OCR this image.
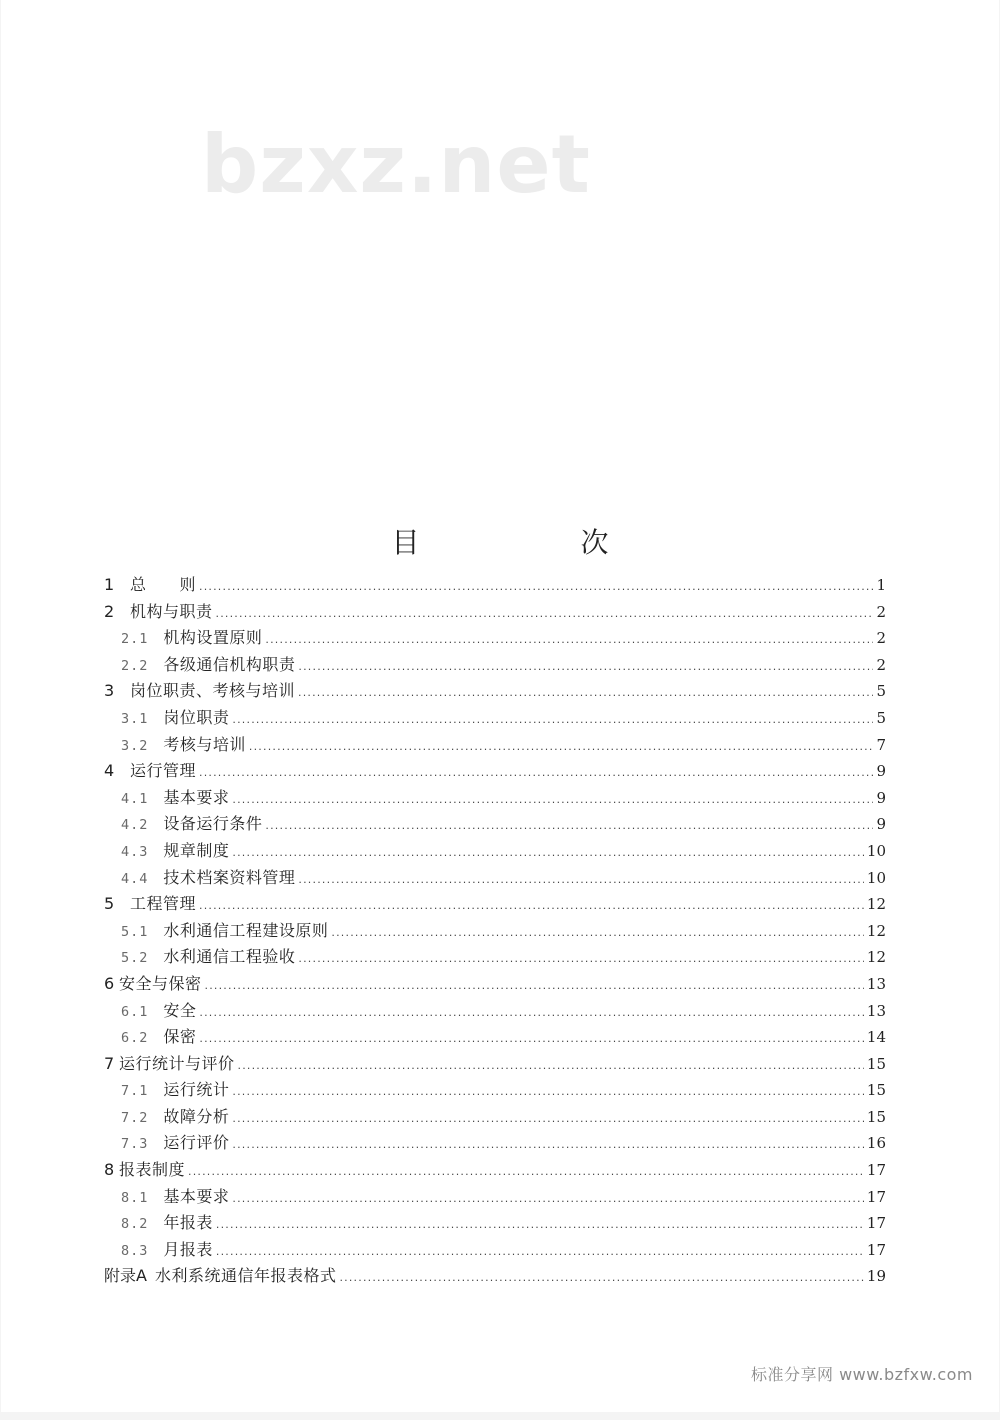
bzxz.net
目 次
1 总　　则 .....	1
2 机构与职责 .....	2
2.1 机构设置原则 .....	2
2.2 各级通信机构职责 .....	2
3 岗位职责、考核与培训 .....	5
3.1 岗位职责 .....	5
3.2 考核与培训 .....	7
4 运行管理 .....	9
4.1 基本要求 .....	9
4.2 设备运行条件 .....	9
4.3 规章制度 .....	10
4.4 技术档案资料管理 .....	10
5 工程管理 .....	12
5.1 水利通信工程建设原则 .....	12
5.2 水利通信工程验收 .....	12
6 安全与保密 .....	13
6.1 安全 .....	13
6.2 保密 .....	14
7 运行统计与评价 .....	15
7.1 运行统计 .....	15
7.2 故障分析 .....	15
7.3 运行评价 .....	16
8 报表制度 .....	17
8.1 基本要求 .....	17
8.2 年报表 .....	17
8.3 月报表 .....	17
附录A 水利系统通信年报表格式 .....	19
标准分享网 www.bzfxw.com
